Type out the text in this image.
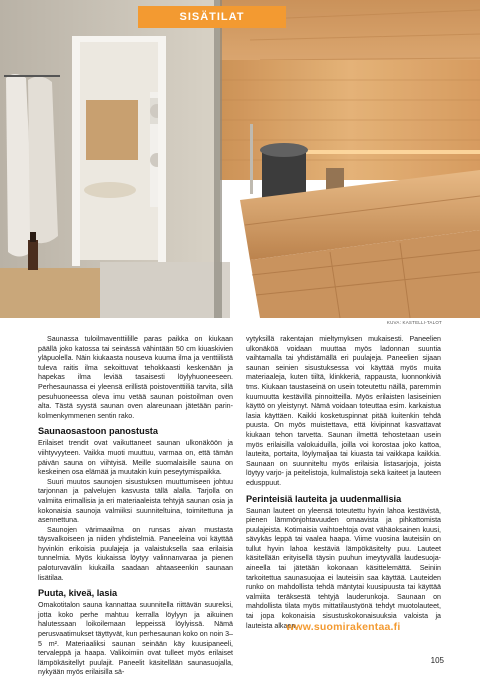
SISÄTILAT
KUVA: KASTELLI-TALOT

Saunassa tuloilmaventtiilille paras paikka on kiukaan päällä joko katossa tai seinässä vähintään 50 cm kiuaskivien yläpuolella. Näin kiukaasta nouseva kuuma ilma ja venttiilistä tuleva raitis ilma sekoittuvat tehokkaasti keskenään ja hapekas ilma leviää tasaisesti löylyhuoneeseen. Perhesaunassa ei yleensä erillistä poistoventtiiliä tarvita, sillä pesuhuoneessa oleva imu vetää saunan poistoilman oven alta. Tästä syystä saunan oven alareunaan jätetään parin-kolmenkymmenen sentin rako.

Saunaosastoon panostusta

Erilaiset trendit ovat vaikuttaneet saunan ulkonäköön ja viihtyvyyteen. Vaikka muoti muuttuu, varmaa on, että tämän päivän sauna on viihtyisä. Meille suomalaisille sauna on keskeinen osa elämää ja muutakin kuin peseytymispaikka.

Suuri muutos saunojen sisustuksen muuttumiseen johtuu tarjonnan ja palvelujen kasvusta tällä alalla. Tarjolla on valmiita erimallisia ja eri materiaaleista tehtyjä saunan osia ja kokonaisia saunoja valmiiksi suunniteltuina, toimitettuna ja asennettuna.

Saunojen värimaailma on runsas aivan mustasta täysvalkoiseen ja niiden yhdistelmiä. Paneeleina voi käyttää hyvinkin erikoisia puulajeja ja valaistuksella saa erilaisia tunnelmia. Myös kiukaissa löytyy valinnanvaraa ja pienen paloturvavälin kiukailla saadaan ahtaaseenkin saunaan lisätilaa.

Puuta, kiveä, lasia

Omakotitalon sauna kannattaa suunnitella riittävän suureksi, jotta koko perhe mahtuu kerralla löylyyn ja aikuinen halutessaan loikoilemaan leppeissä löylyissä. Nämä perusvaatimukset täyttyvät, kun perhesaunan koko on noin 3–5 m². Materiaaliksi saunan seinään käy kuusipaneeli, tervaleppä ja haapa. Valikoimiin ovat tulleet myös erilaiset lämpökäsitellyt puulajit. Paneelit käsitellään saunasuojalla, nykyään myös erilaisilla sä-

vytyksillä rakentajan mieltymyksen mukaisesti. Paneelien ulkonäköä voidaan muuttaa myös ladonnan suuntia vaihtamalla tai yhdistämällä eri puulajeja. Paneelien sijaan saunan seinien sisustuksessa voi käyttää myös muita materiaaleja, kuten tiiltä, klinkkeriä, rappausta, luonnonkiviä tms. Kiukaan taustaseinä on usein toteutettu näillä, paremmin kuumuutta kestävillä pinnoitteilla. Myös erilaisten lasiseinien käyttö on yleistynyt. Nämä voidaan toteuttaa esim. karkaistua lasia käyttäen. Kaikki kosketuspinnat pitää kuitenkin tehdä puusta. On myös muistettava, että kivipinnat kasvattavat kiukaan tehon tarvetta. Saunan ilmettä tehostetaan usein myös erilaisilla valokuiduilla, joilla voi korostaa joko kattoa, lauteita, portaita, löylymaljaa tai kiuasta tai vaikkapa kaikkia. Saunaan on suunniteltu myös erilaisia listasarjoja, joista löytyy varjo- ja peitelistoja, kulmalistoja sekä kaiteet ja lauteen edusppuut.

Perinteisiä lauteita ja uudenmallisia

Saunan lauteet on yleensä toteutettu hyvin lahoa kestävistä, pienen lämmönjohtavuuden omaavista ja pihkattomista puulajeista. Kotimaisia vaihtoehtoja ovat vähäoksainen kuusi, sävykäs leppä tai vaalea haapa. Viime vuosina lauteisiin on tullut hyvin lahoa kestäviä lämpökäsitelty puu. Lauteet käsitellään erityisellä täysin puuhun imeytyvällä laudesuoja-aineella tai jätetään kokonaan käsittelemättä. Seiniin tarkoitettua saunasuojaa ei lauteisiin saa käyttää. Lauteiden runko on mahdollista tehdä mäntytai kuusipuusta tai käyttää valmiita teräksestä tehtyjä lauderunkoja. Saunaan on mahdollista tilata myös mittatilaustyönä tehdyt muotolauteet, tai jopa kokonaisia sisustuskokonaisuuksia valoista ja lauteista alkaen.

www.suomirakentaa.fi
105
